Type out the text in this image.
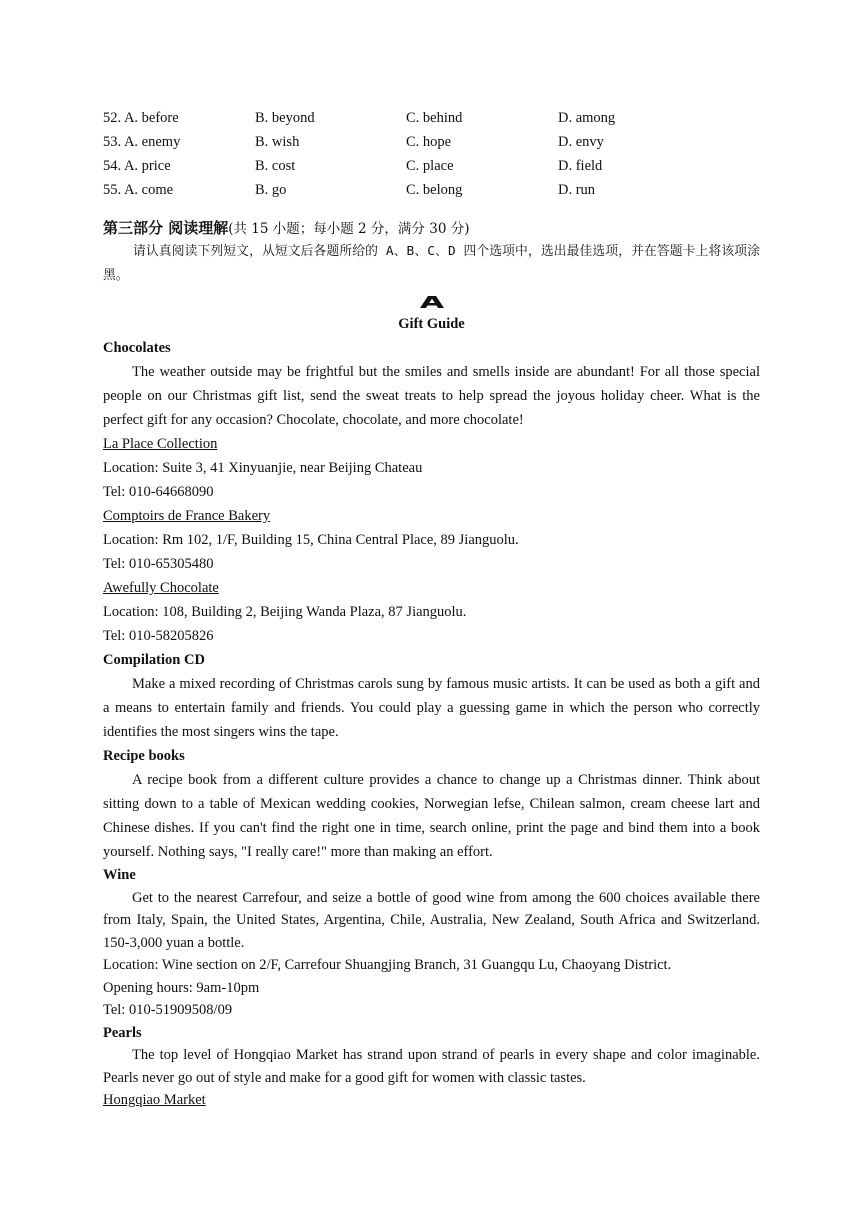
52. A. before	B. beyond	C. behind	D. among
53. A. enemy	B. wish	C. hope	D. envy
54. A. price	B. cost	C. place	D. field
55. A. come	B. go	C. belong	D. run
第三部分 阅读理解(共 15 小题；每小题 2 分，满分 30 分)

请认真阅读下列短文，从短文后各题所给的 A、B、C、D 四个选项中，选出最佳选项，并在答题卡上将该项涂黑。

Gift Guide
Chocolates

The weather outside may be frightful but the smiles and smells inside are abundant! For all those special people on our Christmas gift list, send the sweat treats to help spread the joyous holiday cheer. What is the perfect gift for any occasion? Chocolate, chocolate, and more chocolate!

La Place Collection
Location: Suite 3, 41 Xinyuanjie, near Beijing Chateau
Tel: 010-64668090
Comptoirs de France Bakery
Location: Rm 102, 1/F, Building 15, China Central Place, 89 Jianguolu.
Tel: 010-65305480
Awefully Chocolate
Location: 108, Building 2, Beijing Wanda Plaza, 87 Jianguolu.
Tel: 010-58205826
Compilation CD

Make a mixed recording of Christmas carols sung by famous music artists. It can be used as both a gift and a means to entertain family and friends. You could play a guessing game in which the person who correctly identifies the most singers wins the tape.

Recipe books

A recipe book from a different culture provides a chance to change up a Christmas dinner. Think about sitting down to a table of Mexican wedding cookies, Norwegian lefse, Chilean salmon, cream cheese lart and Chinese dishes. If you can't find the right one in time, search online, print the page and bind them into a book yourself. Nothing says, "I really care!" more than making an effort.

Wine

Get to the nearest Carrefour, and seize a bottle of good wine from among the 600 choices available there from Italy, Spain, the United States, Argentina, Chile, Australia, New Zealand, South Africa and Switzerland. 150-3,000 yuan a bottle.

Location: Wine section on 2/F, Carrefour Shuangjing Branch, 31 Guangqu Lu, Chaoyang District.
Opening hours: 9am-10pm
Tel: 010-51909508/09
Pearls

The top level of Hongqiao Market has strand upon strand of pearls in every shape and color imaginable. Pearls never go out of style and make for a good gift for women with classic tastes.

Hongqiao Market
